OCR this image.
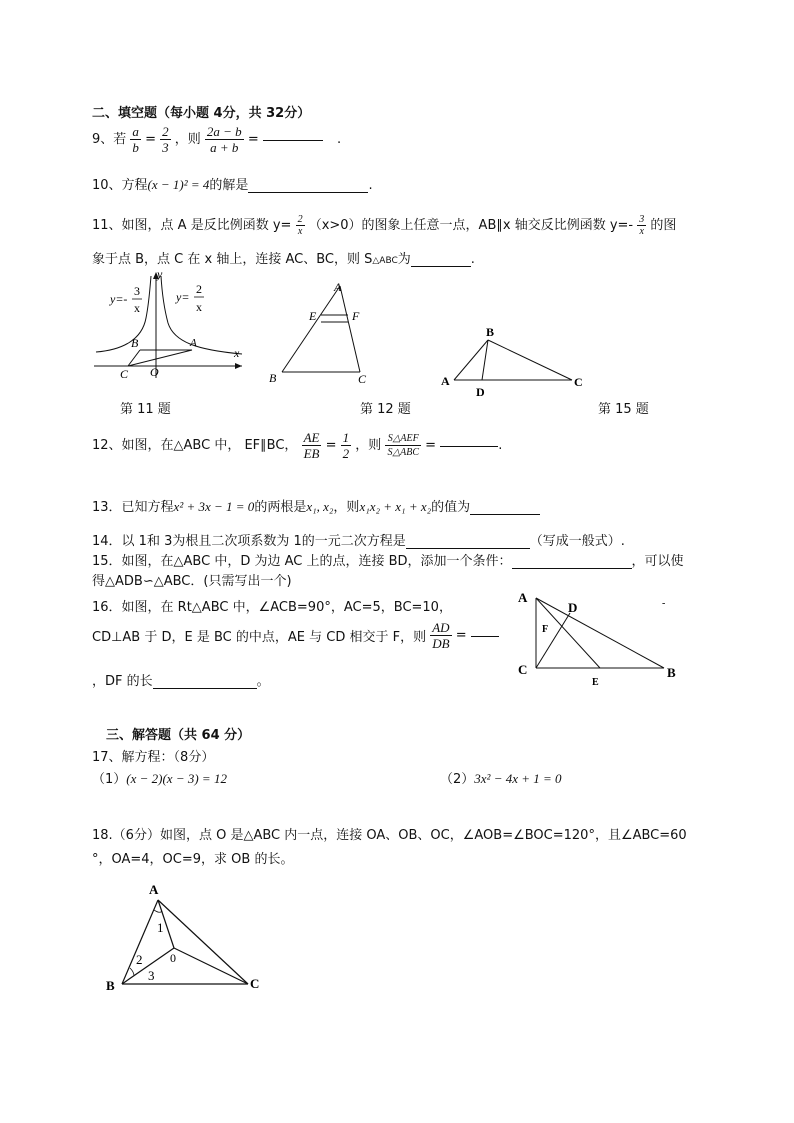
二、填空题（每小题 4分，共 32分）
9、若 $\frac{a}{b} = \frac{2}{3}$ ，则 $\frac{2a - b}{a + b}$ =	.
10、方程(x − 1)² = 4的解是	.
11、如图，点 A 是反比例函数 $y= \frac{2}{x} (x>0)$的图象上任意一点，AB∥x 轴交反比例函数 $y=- \frac{3}{x}$ 的图
象于点 B，点 C 在 x 轴上，连接 AC、BC，则 S△ABC为	.
y
x
y=-
3
x
y=
2
x
B	A
C O
A
E	F
B	C
B
A
D
C
第 11 题	第 12 题	第 15 题
12、如图，在△ABC 中， EF∥BC， $\frac{AE}{EB} = \frac{1}{2}$ ，则 $\frac{\text{S△AEF}}{\text{S△ABC}}$ =	.
13．已知方程x² + 3x − 1 = 0的两根是x₁, x₂，则x₁x₂ + x₁ + x₂的值为
14．以 1和 3为根且二次项系数为 1的一元二次方程是	（写成一般式）.
15．如图，在△ABC 中，D 为边 AC 上的点，连接 BD，添加一个条件：	，可以使
得△ADB∽△ABC．(只需写出一个)
16．如图，在 Rt△ABC 中，∠ACB=90°，AC=5，BC=10，
CD⊥AB 于 D，E 是 BC 的中点，AE 与 CD 相交于 F，则 $\frac{AD}{DB}$ =
，DF 的长	。
A
D
F
C
E
B
-
三、解答题（共 64 分）
17、解方程：（8分）
（1）(x − 2)(x − 3) = 12	（2）3x² − 4x + 1 = 0
18.（6分）如图，点 O 是△ABC 内一点，连接 OA、OB、OC，∠AOB=∠BOC=120°，且∠ABC=60
°，OA=4，OC=9，求 OB 的长。
A
1
0
2
3
B	C
